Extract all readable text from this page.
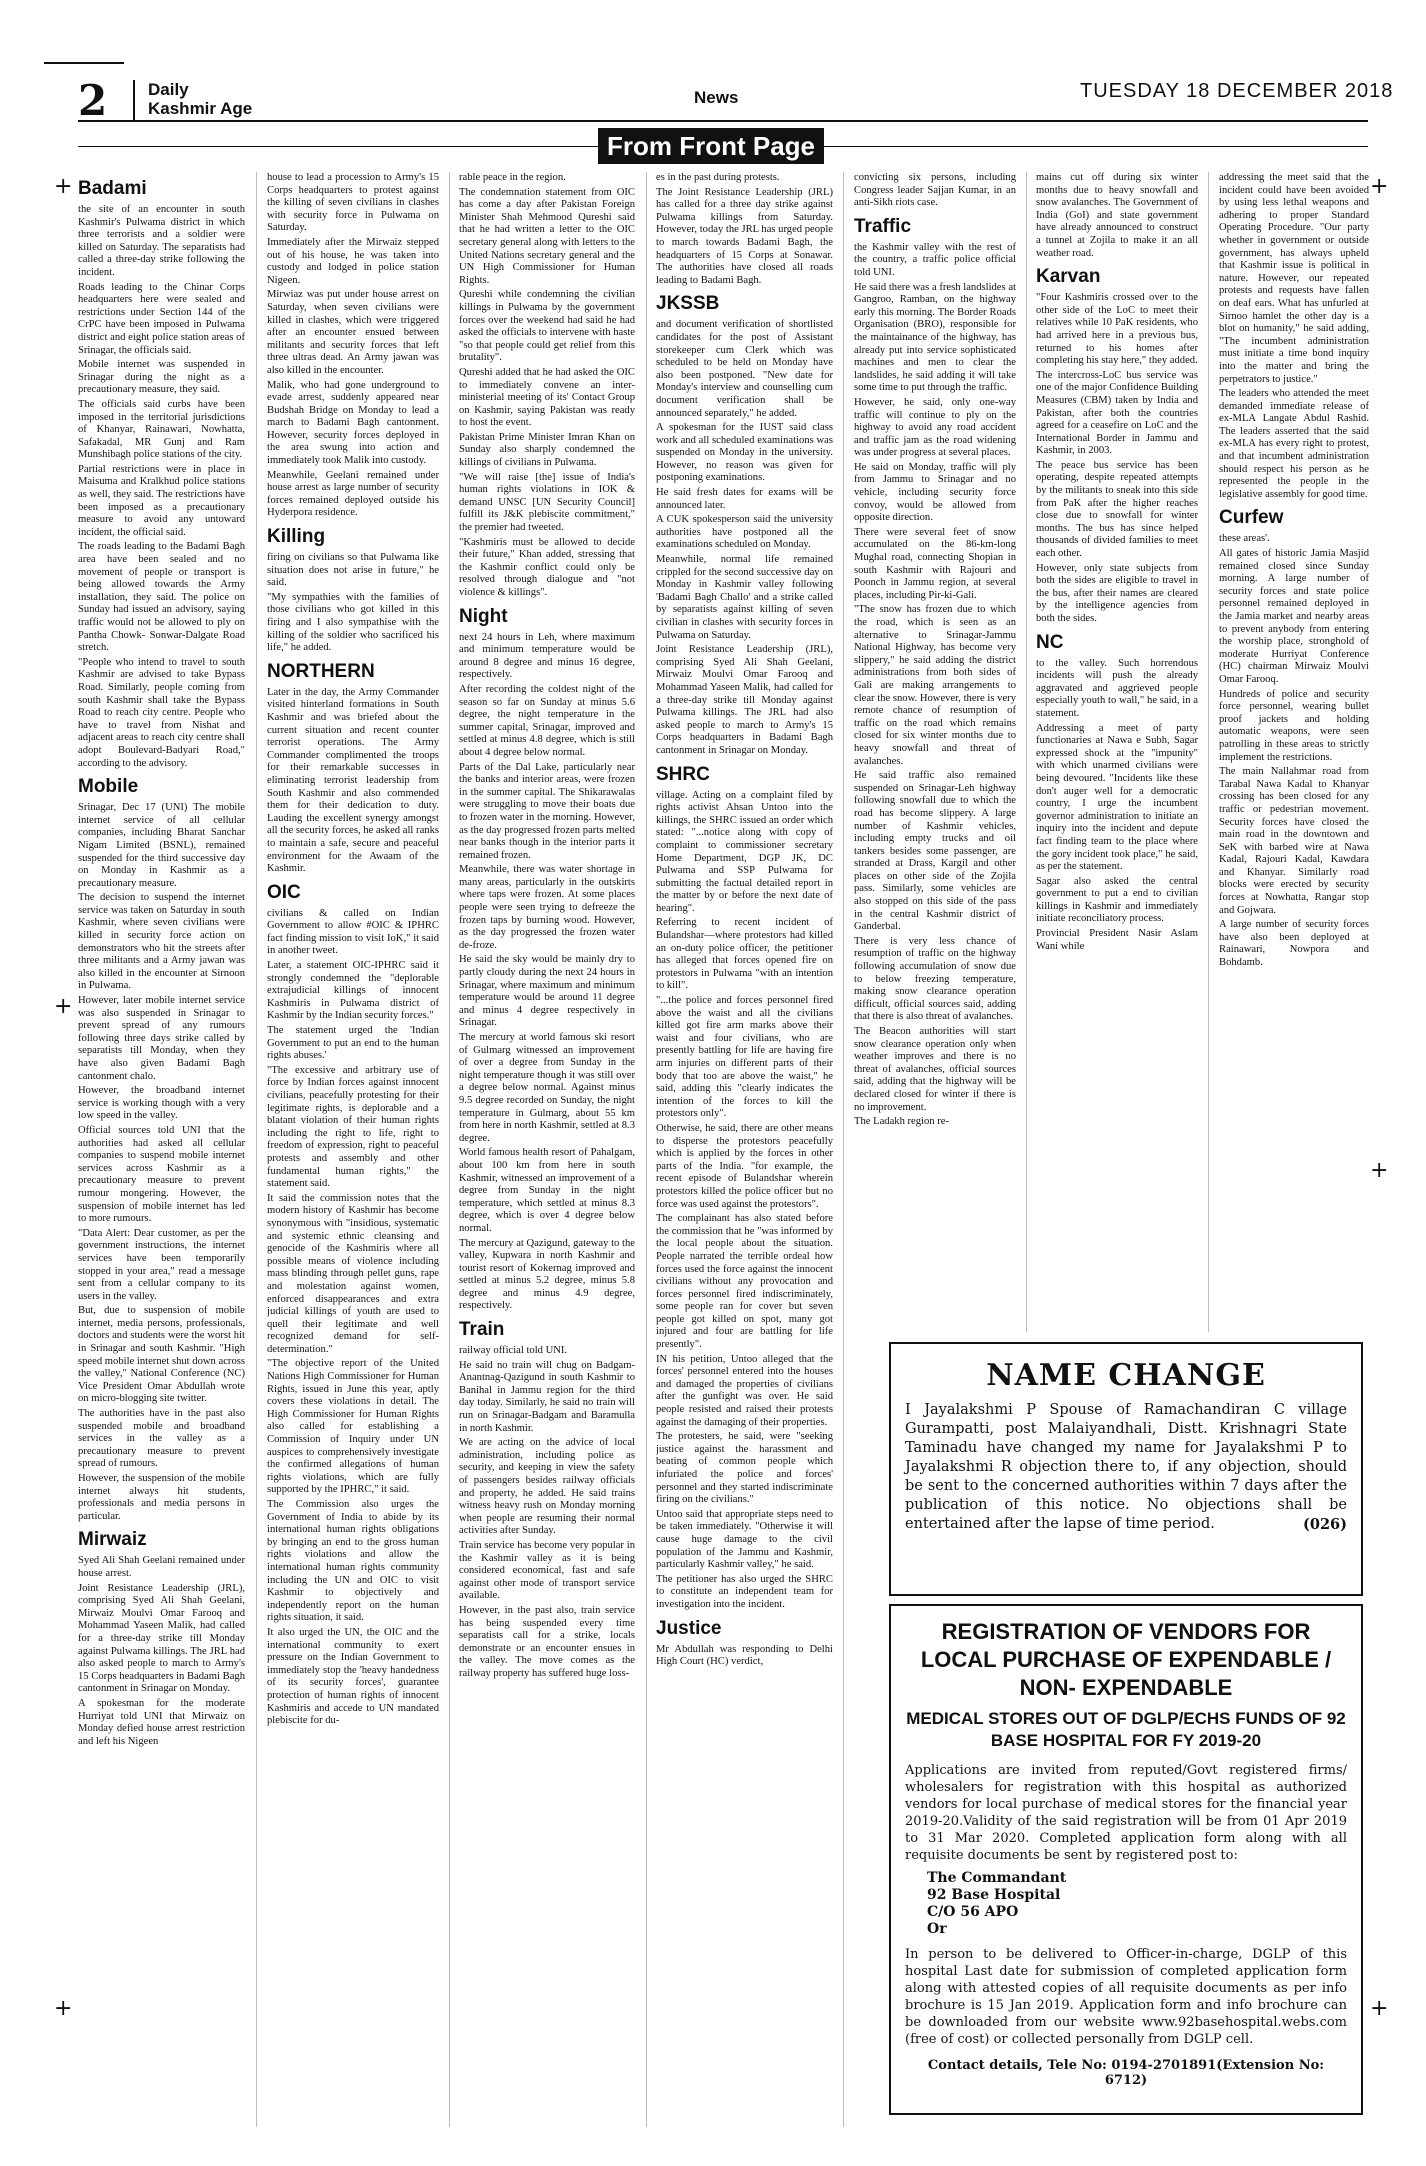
2 Daily
Kashmir Age
News	TUESDAY 18 DECEMBER 2018
From Front Page
Badami

the site of an encounter in south Kashmir's Pulwama district in which three terrorists and a soldier were killed on Saturday. The separatists had called a three-day strike following the incident.

Roads leading to the Chinar Corps headquarters here were sealed and restrictions under Section 144 of the CrPC have been imposed in Pulwama district and eight police station areas of Srinagar, the officials said.

Mobile internet was suspended in Srinagar during the night as a precautionary measure, they said.

The officials said curbs have been imposed in the territorial jurisdictions of Khanyar, Rainawari, Nowhatta, Safakadal, MR Gunj and Ram Munshibagh police stations of the city.

Partial restrictions were in place in Maisuma and Kralkhud police stations as well, they said. The restrictions have been imposed as a precautionary measure to avoid any untoward incident, the official said.

The roads leading to the Badami Bagh area have been sealed and no movement of people or transport is being allowed towards the Army installation, they said. The police on Sunday had issued an advisory, saying traffic would not be allowed to ply on Pantha Chowk- Sonwar-Dalgate Road stretch.

"People who intend to travel to south Kashmir are advised to take Bypass Road. Similarly, people coming from south Kashmir shall take the Bypass Road to reach city centre. People who have to travel from Nishat and adjacent areas to reach city centre shall adopt Boulevard-Badyari Road," according to the advisory.

Mobile

Srinagar, Dec 17 (UNI) The mobile internet service of all cellular companies, including Bharat Sanchar Nigam Limited (BSNL), remained suspended for the third successive day on Monday in Kashmir as a precautionary measure.

The decision to suspend the internet service was taken on Saturday in south Kashmir, where seven civilians were killed in security force action on demonstrators who hit the streets after three militants and a Army jawan was also killed in the encounter at Sirnoon in Pulwama.

However, later mobile internet service was also suspended in Srinagar to prevent spread of any rumours following three days strike called by separatists till Monday, when they have also given Badami Bagh cantonment chalo.

However, the broadband internet service is working though with a very low speed in the valley.

Official sources told UNI that the authorities had asked all cellular companies to suspend mobile internet services across Kashmir as a precautionary measure to prevent rumour mongering. However, the suspension of mobile internet has led to more rumours.

"Data Alert: Dear customer, as per the government instructions, the internet services have been temporarily stopped in your area," read a message sent from a cellular company to its users in the valley.

But, due to suspension of mobile internet, media persons, professionals, doctors and students were the worst hit in Srinagar and south Kashmir. "High speed mobile internet shut down across the valley," National Conference (NC) Vice President Omar Abdullah wrote on micro-blogging site twitter.

The authorities have in the past also suspended mobile and broadband services in the valley as a precautionary measure to prevent spread of rumours.

However, the suspension of the mobile internet always hit students, professionals and media persons in particular.

Mirwaiz

Syed Ali Shah Geelani remained under house arrest.

Joint Resistance Leadership (JRL), comprising Syed Ali Shah Geelani, Mirwaiz Moulvi Omar Farooq and Mohammad Yaseen Malik, had called for a three-day strike till Monday against Pulwama killings. The JRL had also asked people to march to Army's 15 Corps headquarters in Badami Bagh cantonment in Srinagar on Monday.

A spokesman for the moderate Hurriyat told UNI that Mirwaiz on Monday defied house arrest restriction and left his Nigeen

house to lead a procession to Army's 15 Corps headquarters to protest against the killing of seven civilians in clashes with security force in Pulwama on Saturday.

Immediately after the Mirwaiz stepped out of his house, he was taken into custody and lodged in police station Nigeen.

Mirwiaz was put under house arrest on Saturday, when seven civilians were killed in clashes, which were triggered after an encounter ensued between militants and security forces that left three ultras dead. An Army jawan was also killed in the encounter.

Malik, who had gone underground to evade arrest, suddenly appeared near Budshah Bridge on Monday to lead a march to Badami Bagh cantonment. However, security forces deployed in the area swung into action and immediately took Malik into custody.

Meanwhile, Geelani remained under house arrest as large number of security forces remained deployed outside his Hyderpora residence.

Killing

firing on civilians so that Pulwama like situation does not arise in future," he said.

"My sympathies with the families of those civilians who got killed in this firing and I also sympathise with the killing of the soldier who sacrificed his life," he added.

NORTHERN

Later in the day, the Army Commander visited hinterland formations in South Kashmir and was briefed about the current situation and recent counter terrorist operations. The Army Commander complimented the troops for their remarkable successes in eliminating terrorist leadership from South Kashmir and also commended them for their dedication to duty. Lauding the excellent synergy amongst all the security forces, he asked all ranks to maintain a safe, secure and peaceful environment for the Awaam of the Kashmir.

OIC

civilians & called on Indian Government to allow #OIC & IPHRC fact finding mission to visit IoK," it said in another tweet.

Later, a statement OIC-IPHRC said it strongly condemned the "deplorable extrajudicial killings of innocent Kashmiris in Pulwama district of Kashmir by the Indian security forces."

The statement urged the 'Indian Government to put an end to the human rights abuses.'

"The excessive and arbitrary use of force by Indian forces against innocent civilians, peacefully protesting for their legitimate rights, is deplorable and a blatant violation of their human rights including the right to life, right to freedom of expression, right to peaceful protests and assembly and other fundamental human rights," the statement said.

It said the commission notes that the modern history of Kashmir has become synonymous with "insidious, systematic and systemic ethnic cleansing and genocide of the Kashmiris where all possible means of violence including mass blinding through pellet guns, rape and molestation against women, enforced disappearances and extra judicial killings of youth are used to quell their legitimate and well recognized demand for self-determination."

"The objective report of the United Nations High Commissioner for Human Rights, issued in June this year, aptly covers these violations in detail. The High Commissioner for Human Rights also called for establishing a Commission of Inquiry under UN auspices to comprehensively investigate the confirmed allegations of human rights violations, which are fully supported by the IPHRC," it said.

The Commission also urges the Government of India to abide by its international human rights obligations by bringing an end to the gross human rights violations and allow the international human rights community including the UN and OIC to visit Kashmir to objectively and independently report on the human rights situation, it said.

It also urged the UN, the OIC and the international community to exert pressure on the Indian Government to immediately stop the 'heavy handedness of its security forces', guarantee protection of human rights of innocent Kashmiris and accede to UN mandated plebiscite for du-

rable peace in the region.

The condemnation statement from OIC has come a day after Pakistan Foreign Minister Shah Mehmood Qureshi said that he had written a letter to the OIC secretary general along with letters to the United Nations secretary general and the UN High Commissioner for Human Rights.

Qureshi while condemning the civilian killings in Pulwama by the government forces over the weekend had said he had asked the officials to intervene with haste "so that people could get relief from this brutality".

Qureshi added that he had asked the OIC to immediately convene an inter-ministerial meeting of its' Contact Group on Kashmir, saying Pakistan was ready to host the event.

Pakistan Prime Minister Imran Khan on Sunday also sharply condemned the killings of civilians in Pulwama.

"We will raise [the] issue of India's human rights violations in IOK & demand UNSC [UN Security Council] fulfill its J&K plebiscite commitment," the premier had tweeted.

"Kashmiris must be allowed to decide their future," Khan added, stressing that the Kashmir conflict could only be resolved through dialogue and "not violence & killings".

Night

next 24 hours in Leh, where maximum and minimum temperature would be around 8 degree and minus 16 degree, respectively.

After recording the coldest night of the season so far on Sunday at minus 5.6 degree, the night temperature in the summer capital, Srinagar, improved and settled at minus 4.8 degree, which is still about 4 degree below normal.

Parts of the Dal Lake, particularly near the banks and interior areas, were frozen in the summer capital. The Shikarawalas were struggling to move their boats due to frozen water in the morning. However, as the day progressed frozen parts melted near banks though in the interior parts it remained frozen.

Meanwhile, there was water shortage in many areas, particularly in the outskirts where taps were frozen. At some places people were seen trying to defreeze the frozen taps by burning wood. However, as the day progressed the frozen water de-froze.

He said the sky would be mainly dry to partly cloudy during the next 24 hours in Srinagar, where maximum and minimum temperature would be around 11 degree and minus 4 degree respectively in Srinagar.

The mercury at world famous ski resort of Gulmarg witnessed an improvement of over a degree from Sunday in the night temperature though it was still over a degree below normal. Against minus 9.5 degree recorded on Sunday, the night temperature in Gulmarg, about 55 km from here in north Kashmir, settled at 8.3 degree.

World famous health resort of Pahalgam, about 100 km from here in south Kashmir, witnessed an improvement of a degree from Sunday in the night temperature, which settled at minus 8.3 degree, which is over 4 degree below normal.

The mercury at Qazigund, gateway to the valley, Kupwara in north Kashmir and tourist resort of Kokernag improved and settled at minus 5.2 degree, minus 5.8 degree and minus 4.9 degree, respectively.

Train

railway official told UNI.

He said no train will chug on Badgam-Anantnag-Qazigund in south Kashmir to Banihal in Jammu region for the third day today. Similarly, he said no train will run on Srinagar-Badgam and Baramulla in north Kashmir.

We are acting on the advice of local administration, including police as security, and keeping in view the safety of passengers besides railway officials and property, he added. He said trains witness heavy rush on Monday morning when people are resuming their normal activities after Sunday.

Train service has become very popular in the Kashmir valley as it is being considered economical, fast and safe against other mode of transport service available.

However, in the past also, train service has being suspended every time separatists call for a strike, locals demonstrate or an encounter ensues in the valley. The move comes as the railway property has suffered huge loss-

es in the past during protests.

The Joint Resistance Leadership (JRL) has called for a three day strike against Pulwama killings from Saturday. However, today the JRL has urged people to march towards Badami Bagh, the headquarters of 15 Corps at Sonawar. The authorities have closed all roads leading to Badami Bagh.

JKSSB

and document verification of shortlisted candidates for the post of Assistant storekeeper cum Clerk which was scheduled to be held on Monday have also been postponed. "New date for Monday's interview and counselling cum document verification shall be announced separately," he added.

A spokesman for the IUST said class work and all scheduled examinations was suspended on Monday in the university. However, no reason was given for postponing examinations.

He said fresh dates for exams will be announced later.

A CUK spokesperson said the university authorities have postponed all the examinations scheduled on Monday.

Meanwhile, normal life remained crippled for the second successive day on Monday in Kashmir valley following 'Badami Bagh Challo' and a strike called by separatists against killing of seven civilian in clashes with security forces in Pulwama on Saturday.

Joint Resistance Leadership (JRL), comprising Syed Ali Shah Geelani, Mirwaiz Moulvi Omar Farooq and Mohammad Yaseen Malik, had called for a three-day strike till Monday against Pulwama killings. The JRL had also asked people to march to Army's 15 Corps headquarters in Badami Bagh cantonment in Srinagar on Monday.

SHRC

village. Acting on a complaint filed by rights activist Ahsan Untoo into the killings, the SHRC issued an order which stated: "...notice along with copy of complaint to commissioner secretary Home Department, DGP JK, DC Pulwama and SSP Pulwama for submitting the factual detailed report in the matter by or before the next date of hearing".

Referring to recent incident of Bulandshar—where protestors had killed an on-duty police officer, the petitioner has alleged that forces opened fire on protestors in Pulwama "with an intention to kill".

"...the police and forces personnel fired above the waist and all the civilians killed got fire arm marks above their waist and four civilians, who are presently battling for life are having fire arm injuries on different parts of their body that too are above the waist," he said, adding this "clearly indicates the intention of the forces to kill the protestors only".

Otherwise, he said, there are other means to disperse the protestors peacefully which is applied by the forces in other parts of the India. "for example, the recent episode of Bulandshar wherein protestors killed the police officer but no force was used against the protestors".

The complainant has also stated before the commission that he "was informed by the local people about the situation. People narrated the terrible ordeal how forces used the force against the innocent civilians without any provocation and forces personnel fired indiscriminately, some people ran for cover but seven people got killed on spot, many got injured and four are battling for life presently".

IN his petition, Untoo alleged that the forces' personnel entered into the houses and damaged the properties of civilians after the gunfight was over. He said people resisted and raised their protests against the damaging of their properties.

The protesters, he said, were "seeking justice against the harassment and beating of common people which infuriated the police and forces' personnel and they started indiscriminate firing on the civilians."

Untoo said that appropriate steps need to be taken immediately. "Otherwise it will cause huge damage to the civil population of the Jammu and Kashmir, particularly Kashmir valley," he said.

The petitioner has also urged the SHRC to constitute an independent team for investigation into the incident.

Justice

Mr Abdullah was responding to Delhi High Court (HC) verdict,

convicting six persons, including Congress leader Sajjan Kumar, in an anti-Sikh riots case.

Traffic

the Kashmir valley with the rest of the country, a traffic police official told UNI.

He said there was a fresh landslides at Gangroo, Ramban, on the highway early this morning. The Border Roads Organisation (BRO), responsible for the maintainance of the highway, has already put into service sophisticated machines and men to clear the landslides, he said adding it will take some time to put through the traffic.

However, he said, only one-way traffic will continue to ply on the highway to avoid any road accident and traffic jam as the road widening was under progress at several places.

He said on Monday, traffic will ply from Jammu to Srinagar and no vehicle, including security force convoy, would be allowed from opposite direction.

There were several feet of snow accumulated on the 86-km-long Mughal road, connecting Shopian in south Kashmir with Rajouri and Poonch in Jammu region, at several places, including Pir-ki-Gali.

"The snow has frozen due to which the road, which is seen as an alternative to Srinagar-Jammu National Highway, has become very slippery," he said adding the district administrations from both sides of Gali are making arrangements to clear the snow. However, there is very remote chance of resumption of traffic on the road which remains closed for six winter months due to heavy snowfall and threat of avalanches.

He said traffic also remained suspended on Srinagar-Leh highway following snowfall due to which the road has become slippery. A large number of Kashmir vehicles, including empty trucks and oil tankers besides some passenger, are stranded at Drass, Kargil and other places on other side of the Zojila pass. Similarly, some vehicles are also stopped on this side of the pass in the central Kashmir district of Ganderbal.

There is very less chance of resumption of traffic on the highway following accumulation of snow due to below freezing temperature, making snow clearance operation difficult, official sources said, adding that there is also threat of avalanches.

The Beacon authorities will start snow clearance operation only when weather improves and there is no threat of avalanches, official sources said, adding that the highway will be declared closed for winter if there is no improvement.

The Ladakh region re-

mains cut off during six winter months due to heavy snowfall and snow avalanches. The Government of India (GoI) and state government have already announced to construct a tunnel at Zojila to make it an all weather road.

Karvan

"Four Kashmiris crossed over to the other side of the LoC to meet their relatives while 10 PaK residents, who had arrived here in a previous bus, returned to his homes after completing his stay here," they added.

The intercross-LoC bus service was one of the major Confidence Building Measures (CBM) taken by India and Pakistan, after both the countries agreed for a ceasefire on LoC and the International Border in Jammu and Kashmir, in 2003.

The peace bus service has been operating, despite repeated attempts by the militants to sneak into this side from PaK after the higher reaches close due to snowfall for winter months. The bus has since helped thousands of divided families to meet each other.

However, only state subjects from both the sides are eligible to travel in the bus, after their names are cleared by the intelligence agencies from both the sides.

NC

to the valley. Such horrendous incidents will push the already aggravated and aggrieved people especially youth to wall," he said, in a statement.

Addressing a meet of party functionaries at Nawa e Subh, Sagar expressed shock at the "impunity" with which unarmed civilians were being devoured. "Incidents like these don't auger well for a democratic country, I urge the incumbent governor administration to initiate an inquiry into the incident and depute fact finding team to the place where the gory incident took place," he said, as per the statement.

Sagar also asked the central government to put a end to civilian killings in Kashmir and immediately initiate reconciliatory process.

Provincial President Nasir Aslam Wani while

addressing the meet said that the incident could have been avoided by using less lethal weapons and adhering to proper Standard Operating Procedure. "Our party whether in government or outside government, has always upheld that Kashmir issue is political in nature. However, our repeated protests and requests have fallen on deaf ears. What has unfurled at Sirnoo hamlet the other day is a blot on humanity," he said adding, "The incumbent administration must initiate a time bond inquiry into the matter and bring the perpetrators to justice."

The leaders who attended the meet demanded immediate release of ex-MLA Langate Abdul Rashid. The leaders asserted that the said ex-MLA has every right to protest, and that incumbent administration should respect his person as he represented the people in the legislative assembly for good time.

Curfew

these areas'.

All gates of historic Jamia Masjid remained closed since Sunday morning. A large number of security forces and state police personnel remained deployed in the Jamia market and nearby areas to prevent anybody from entering the worship place, stronghold of moderate Hurriyat Conference (HC) chairman Mirwaiz Moulvi Omar Farooq.

Hundreds of police and security force personnel, wearing bullet proof jackets and holding automatic weapons, were seen patrolling in these areas to strictly implement the restrictions.

The main Nallahmar road from Tarabal Nawa Kadal to Khanyar crossing has been closed for any traffic or pedestrian movement. Security forces have closed the main road in the downtown and SeK with barbed wire at Nawa Kadal, Rajouri Kadal, Kawdara and Khanyar. Similarly road blocks were erected by security forces at Nowhatta, Rangar stop and Gojwara.

A large number of security forces have also been deployed at Rainawari, Nowpora and Bohdamb.

+	+
+
+
+	+
NAME CHANGE

I Jayalakshmi P Spouse of Ramachandiran C village Gurampatti, post Malaiyandhali, Distt. Krishnagri State Taminadu have changed my name for Jayalakshmi P to Jayalakshmi R objection there to, if any objection, should be sent to the concerned authorities within 7 days after the publication of this notice. No objections shall be entertained after the lapse of time period.	(026)

REGISTRATION OF VENDORS FOR LOCAL PURCHASE OF EXPENDABLE / NON- EXPENDABLE
MEDICAL STORES OUT OF DGLP/ECHS FUNDS OF 92 BASE HOSPITAL FOR FY 2019-20

Applications are invited from reputed/Govt registered firms/ wholesalers for registration with this hospital as authorized vendors for local purchase of medical stores for the financial year 2019-20.Validity of the said registration will be from 01 Apr 2019 to 31 Mar 2020. Completed application form along with all requisite documents be sent by registered post to:

The Commandant
92 Base Hospital
C/O 56 APO
Or

In person to be delivered to Officer-in-charge, DGLP of this hospital Last date for submission of completed application form along with attested copies of all requisite documents as per info brochure is 15 Jan 2019. Application form and info brochure can be downloaded from our website www.92basehospital.webs.com (free of cost) or collected personally from DGLP cell.

Contact details, Tele No: 0194-2701891(Extension No: 6712)
